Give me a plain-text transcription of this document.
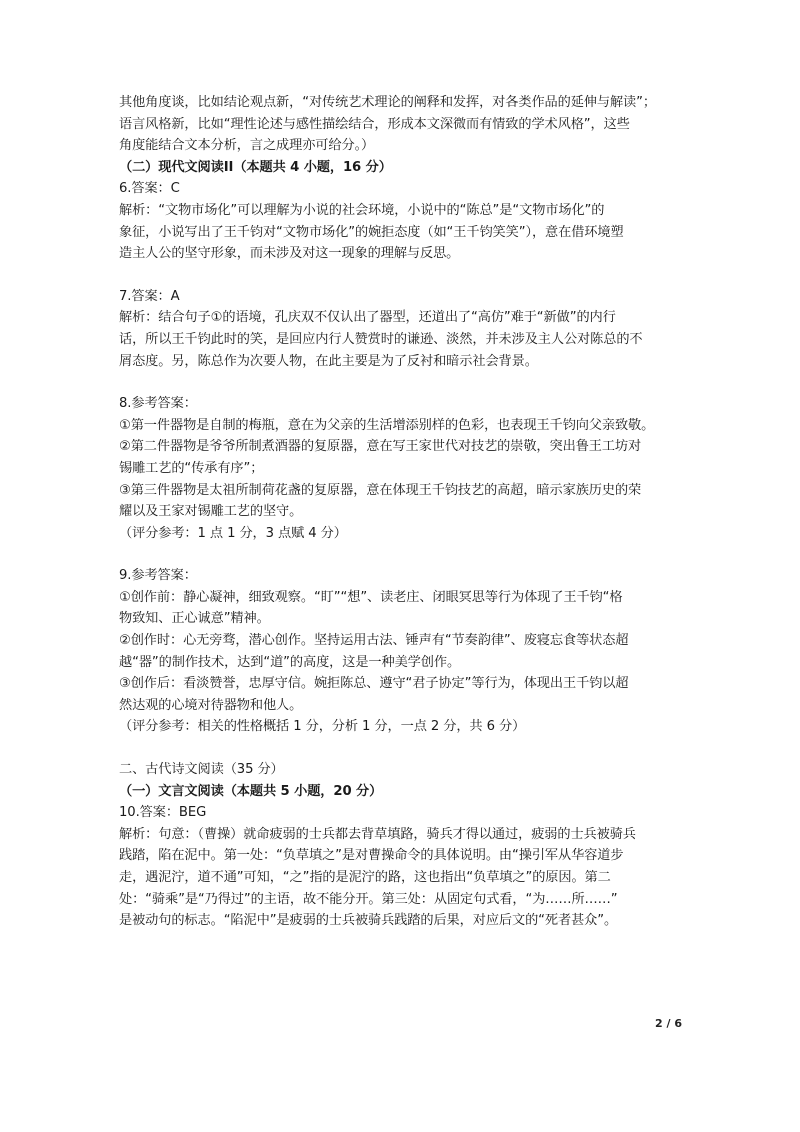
其他角度谈，比如结论观点新，“对传统艺术理论的阐释和发挥，对各类作品的延伸与解读”；
语言风格新，比如“理性论述与感性描绘结合，形成本文深微而有情致的学术风格”，这些
角度能结合文本分析，言之成理亦可给分。）
（二）现代文阅读II（本题共 4 小题，16 分）
6.答案：C
解析：“文物市场化”可以理解为小说的社会环境，小说中的“陈总”是“文物市场化”的
象征，小说写出了王千钧对“文物市场化”的婉拒态度（如“王千钧笑笑”），意在借环境塑
造主人公的坚守形象，而未涉及对这一现象的理解与反思。
7.答案：A
解析：结合句子①的语境，孔庆双不仅认出了器型，还道出了“高仿”难于“新做”的内行
话，所以王千钧此时的笑，是回应内行人赞赏时的谦逊、淡然，并未涉及主人公对陈总的不
屑态度。另，陈总作为次要人物，在此主要是为了反衬和暗示社会背景。
8.参考答案：
①第一件器物是自制的梅瓶，意在为父亲的生活增添别样的色彩，也表现王千钧向父亲致敬。
②第二件器物是爷爷所制煮酒器的复原器，意在写王家世代对技艺的崇敬，突出鲁王工坊对
锡雕工艺的“传承有序”；
③第三件器物是太祖所制荷花盏的复原器，意在体现王千钧技艺的高超，暗示家族历史的荣
耀以及王家对锡雕工艺的坚守。
（评分参考：1 点 1 分，3 点赋 4 分）
9.参考答案：
①创作前：静心凝神，细致观察。“盯”“想”、读老庄、闭眼冥思等行为体现了王千钧“格
物致知、正心诚意”精神。
②创作时：心无旁骛，潜心创作。坚持运用古法、锤声有“节奏韵律”、废寝忘食等状态超
越“器”的制作技术，达到“道”的高度，这是一种美学创作。
③创作后：看淡赞誉，忠厚守信。婉拒陈总、遵守“君子协定”等行为，体现出王千钧以超
然达观的心境对待器物和他人。
（评分参考：相关的性格概括 1 分，分析 1 分，一点 2 分，共 6 分）
二、古代诗文阅读（35 分）
（一）文言文阅读（本题共 5 小题，20 分）
10.答案：BEG
解析：句意：（曹操）就命疲弱的士兵都去背草填路，骑兵才得以通过，疲弱的士兵被骑兵
践踏，陷在泥中。第一处：“负草填之”是对曹操命令的具体说明。由“操引军从华容道步
走，遇泥泞，道不通”可知，“之”指的是泥泞的路，这也指出“负草填之”的原因。第二
处：“骑乘”是“乃得过”的主语，故不能分开。第三处：从固定句式看，“为……所……”
是被动句的标志。“陷泥中”是疲弱的士兵被骑兵践踏的后果，对应后文的“死者甚众”。
2 / 6
